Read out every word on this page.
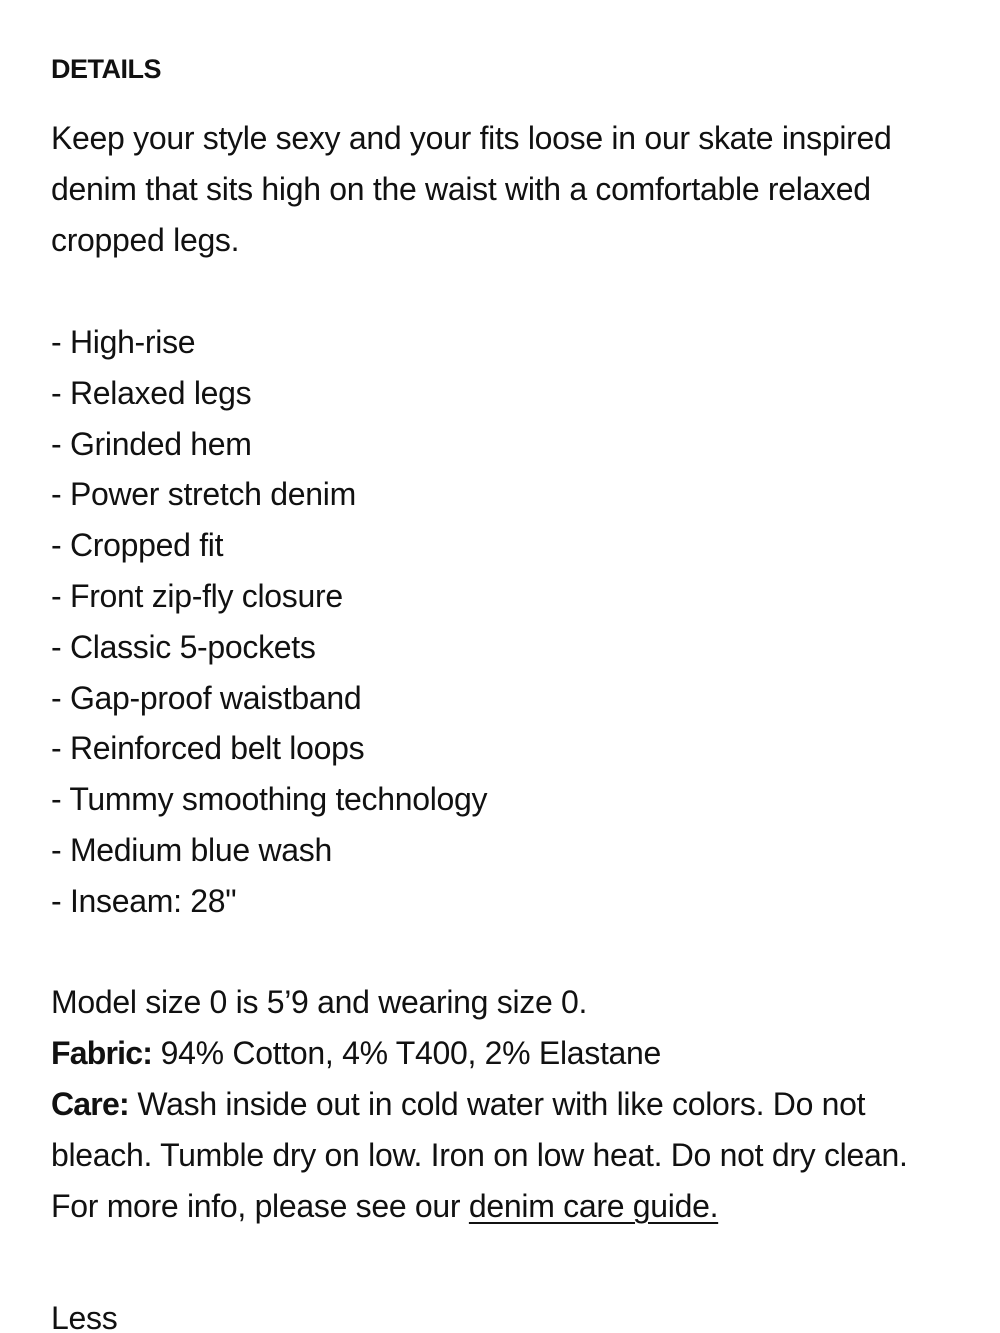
DETAILS

Keep your style sexy and your fits loose in our skate inspired denim that sits high on the waist with a comfortable relaxed cropped legs.

- High-rise
- Relaxed legs
- Grinded hem
- Power stretch denim
- Cropped fit
- Front zip-fly closure
- Classic 5-pockets
- Gap-proof waistband
- Reinforced belt loops
- Tummy smoothing technology
- Medium blue wash
- Inseam: 28"
Model size 0 is 5’9 and wearing size 0.
Fabric: 94% Cotton, 4% T400, 2% Elastane
Care: Wash inside out in cold water with like colors. Do not bleach. Tumble dry on low. Iron on low heat. Do not dry clean. For more info, please see our denim care guide.
Less
